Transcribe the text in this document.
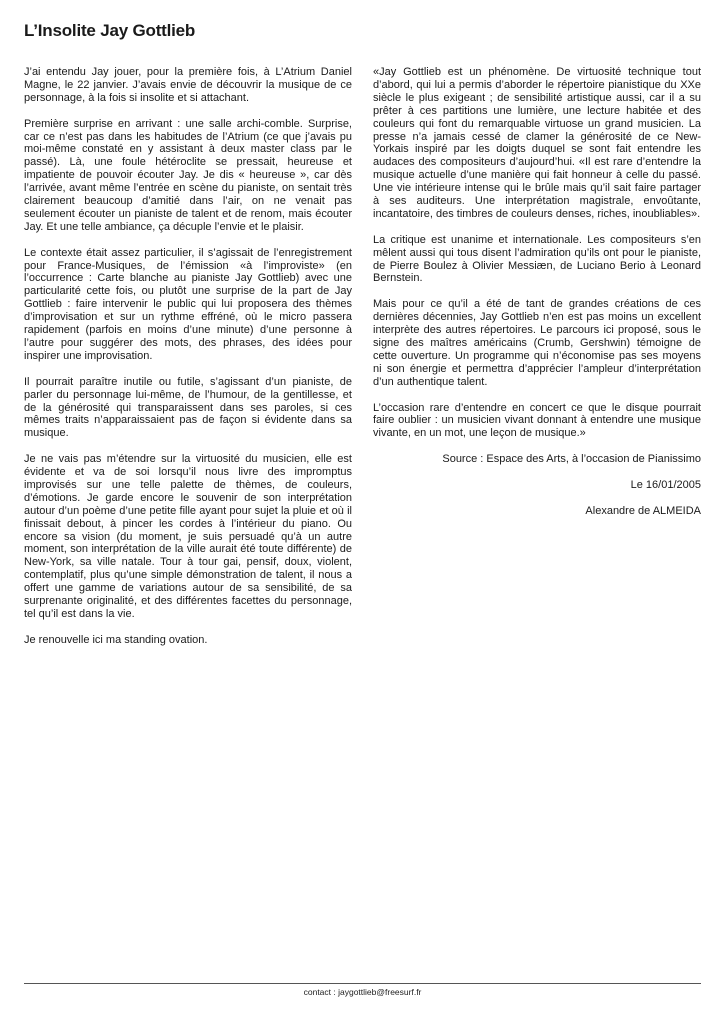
L’Insolite Jay Gottlieb

J’ai entendu Jay jouer, pour la première fois, à L’Atrium Daniel Magne, le 22 janvier. J’avais envie de découvrir la musique de ce personnage, à la fois si insolite et si attachant.

Première surprise en arrivant : une salle archi-comble. Surprise, car ce n’est pas dans les habitudes de l’Atrium (ce que j’avais pu moi-même constaté en y assistant à deux master class par le passé). Là, une foule hétéroclite se pressait, heureuse et impatiente de pouvoir écouter Jay. Je dis « heureuse », car dès l’arrivée, avant même l’entrée en scène du pianiste, on sentait très clairement beaucoup d’amitié dans l’air, on ne venait pas seulement écouter un pianiste de talent et de renom, mais écouter Jay. Et une telle ambiance, ça décuple l’envie et le plaisir.

Le contexte était assez particulier, il s’agissait de l’enregistrement pour France-Musiques, de l’émission «à l’improviste» (en l’occurrence : Carte blanche au pianiste Jay Gottlieb) avec une particularité cette fois, ou plutôt une surprise de la part de Jay Gottlieb : faire intervenir le public qui lui proposera des thèmes d’improvisation et sur un rythme effréné, où le micro passera rapidement (parfois en moins d’une minute) d’une personne à l’autre pour suggérer des mots, des phrases, des idées pour inspirer une improvisation.

Il pourrait paraître inutile ou futile, s’agissant d’un pianiste, de parler du personnage lui-même, de l’humour, de la gentillesse, et de la générosité qui transparaissent dans ses paroles, si ces mêmes traits n’apparaissaient pas de façon si évidente dans sa musique.

Je ne vais pas m’étendre sur la virtuosité du musicien, elle est évidente et va de soi lorsqu’il nous livre des impromptus improvisés sur une telle palette de thèmes, de couleurs, d’émotions. Je garde encore le souvenir de son interprétation autour d’un poème d’une petite fille ayant pour sujet la pluie et où il finissait debout, à pincer les cordes à l’intérieur du piano. Ou encore sa vision (du moment, je suis persuadé qu’à un autre moment, son interprétation de la ville aurait été toute différente) de New-York, sa ville natale. Tour à tour gai, pensif, doux, violent, contemplatif, plus qu’une simple démonstration de talent, il nous a offert une gamme de variations autour de sa sensibilité, de sa surprenante originalité, et des différentes facettes du personnage, tel qu’il est dans la vie.

Je renouvelle ici ma standing ovation.

«Jay Gottlieb est un phénomène. De virtuosité technique tout d’abord, qui lui a permis d’aborder le répertoire pianistique du XXe siècle le plus exigeant ; de sensibilité artistique aussi, car il a su prêter à ces partitions une lumière, une lecture habitée et des couleurs qui font du remarquable virtuose un grand musicien. La presse n’a jamais cessé de clamer la générosité de ce New-Yorkais inspiré par les doigts duquel se sont fait entendre les audaces des compositeurs d’aujourd’hui. «Il est rare d’entendre la musique actuelle d’une manière qui fait honneur à celle du passé. Une vie intérieure intense qui le brûle mais qu’il sait faire partager à ses auditeurs. Une interprétation magistrale, envoûtante, incantatoire, des timbres de couleurs denses, riches, inoubliables».

La critique est unanime et internationale. Les compositeurs s’en mêlent aussi qui tous disent l’admiration qu’ils ont pour le pianiste, de Pierre Boulez à Olivier Messiæn, de Luciano Berio à Leonard Bernstein.

Mais pour ce qu’il a été de tant de grandes créations de ces dernières décennies, Jay Gottlieb n’en est pas moins un excellent interprète des autres répertoires. Le parcours ici proposé, sous le signe des maîtres américains (Crumb, Gershwin) témoigne de cette ouverture. Un programme qui n’économise pas ses moyens ni son énergie et permettra d’apprécier l’ampleur d’interprétation d’un authentique talent.

L’occasion rare d’entendre en concert ce que le disque pourrait faire oublier : un musicien vivant donnant à entendre une musique vivante, en un mot, une leçon de musique.»

Source : Espace des Arts, à l’occasion de Pianissimo

Le 16/01/2005

Alexandre de ALMEIDA

contact : jaygottlieb@freesurf.fr
